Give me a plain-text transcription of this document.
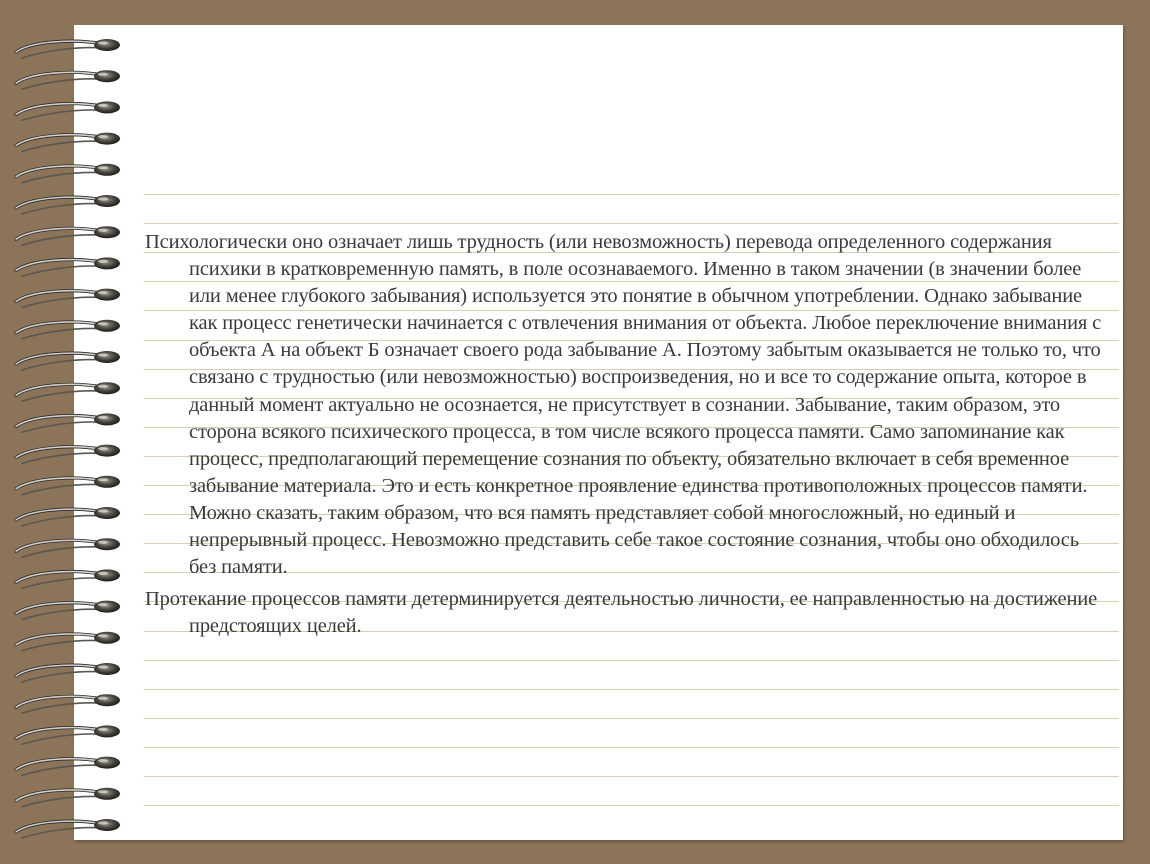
Психологически оно означает лишь трудность (или невозможность) перевода определенного содержания психики в кратковременную память, в поле осознаваемого. Именно в таком значении (в значении более или менее глубокого забывания) используется это понятие в обычном употреблении. Однако забывание как процесс генетически начинается с отвлечения внимания от объекта. Любое переключение внимания с объекта А на объект Б означает своего рода забывание А. Поэтому забытым оказывается не только то, что связано с трудностью (или невозможностью) воспроизведения, но и все то содержание опыта, которое в данный момент актуально не осознается, не присутствует в сознании. Забывание, таким образом, это сторона всякого психического процесса, в том числе всякого процесса памяти. Само запоминание как процесс, предполагающий перемещение сознания по объекту, обязательно включает в себя временное забывание материала. Это и есть конкретное проявление единства противоположных процессов памяти. Можно сказать, таким образом, что вся память представляет собой многосложный, но единый и непрерывный процесс. Невозможно представить себе такое состояние сознания, чтобы оно обходилось без памяти.

Протекание процессов памяти детерминируется деятельностью личности, ее направленностью на достижение предстоящих целей.
